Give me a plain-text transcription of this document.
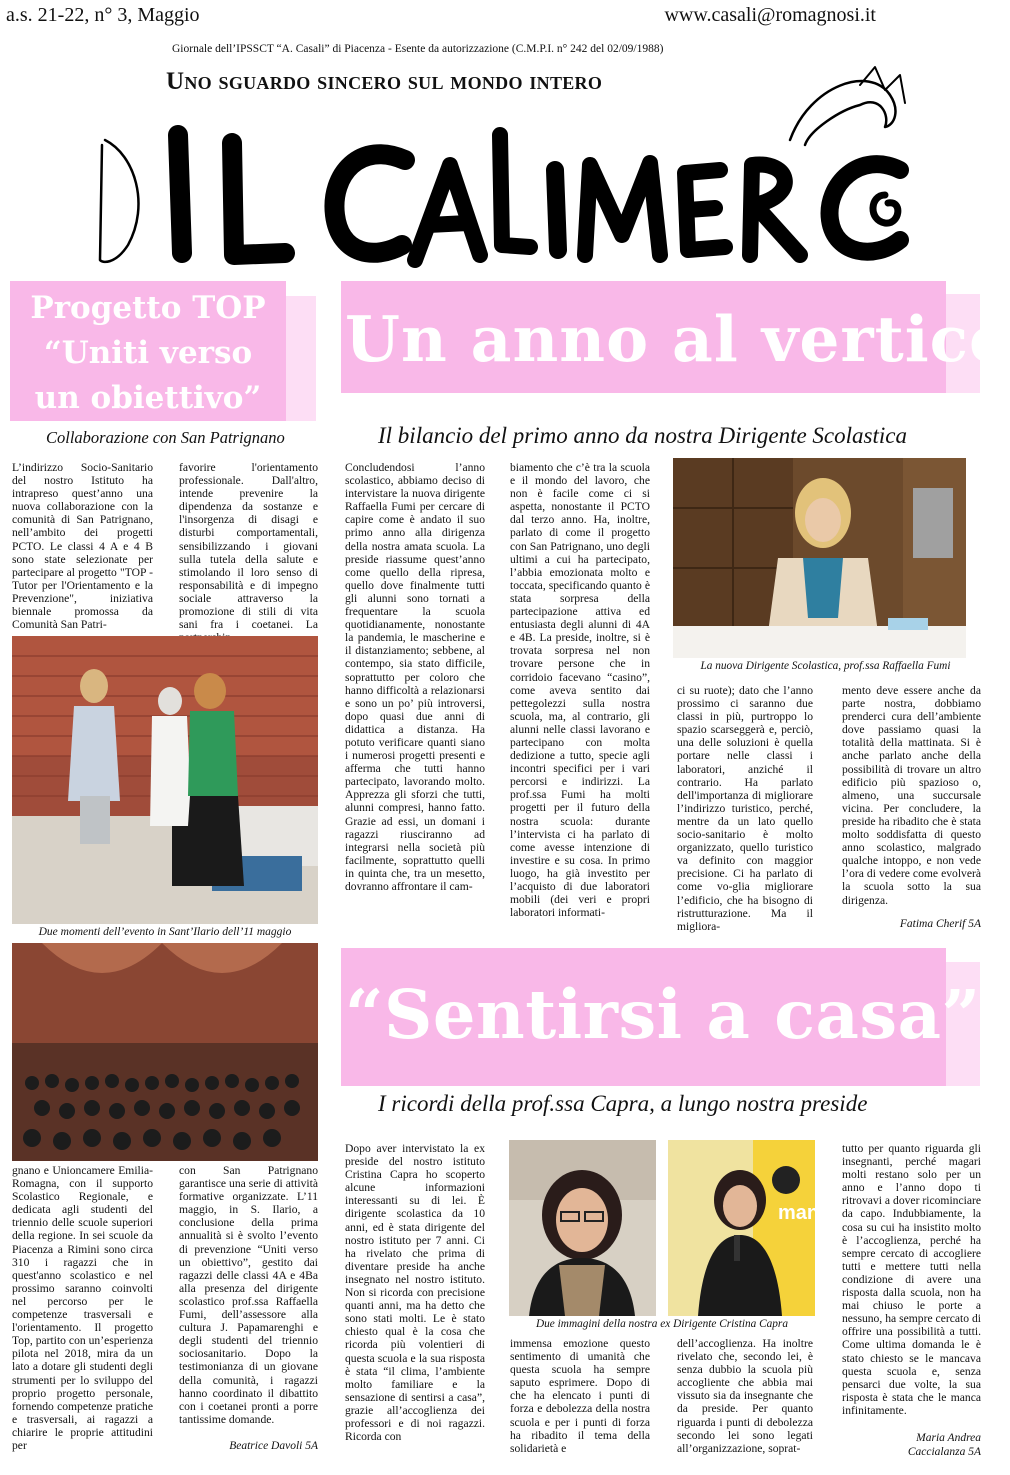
a.s. 21-22, n° 3, Maggio	www.casali@romagnosi.it
Giornale dell’IPSSCT “A. Casali” di Piacenza - Esente da autorizzazione (C.M.P.I. n° 242 del 02/09/1988)
Uno sguardo sincero sul mondo intero
Progetto TOP
“Uniti verso
un obiettivo”
Collaborazione con San Patrignano
L’indirizzo Socio-Sanitario del nostro Istituto ha intrapreso quest’anno una nuova collaborazione con la comunità di San Patrignano, nell’ambito dei progetti PCTO. Le classi 4 A e 4 B sono state selezionate per partecipare al progetto "TOP - Tutor per l'Orientamento e la Prevenzione", iniziativa biennale promossa da Comunità San Patri-
favorire l'orientamento professionale. Dall'altro, intende prevenire la dipendenza da sostanze e l'insorgenza di disagi e disturbi comportamentali, sensibilizzando i giovani sulla tutela della salute e stimolando il loro senso di responsabilità e di impegno sociale attraverso la promozione di stili di vita sani fra i coetanei. La
Due momenti dell’evento in Sant’Ilario dell’11 maggio
gnano e Unioncamere Emilia-Romagna, con il supporto Scolastico Regionale, e dedicata agli studenti del triennio delle scuole superiori della regione. In sei scuole da Piacenza a Rimini sono circa 310 i ragazzi che in quest'anno scolastico e nel prossimo saranno coinvolti nel percorso per le competenze trasversali e l'orientamento. Il progetto Top, partito con un’esperienza pilota nel 2018, mira da un lato a dotare gli studenti degli strumenti per lo sviluppo del proprio progetto personale, fornendo competenze pratiche e trasversali, ai ragazzi a chiarire le proprie attitudini per
con San Patrignano garantisce una serie di attività formative organizzate. L’11 maggio, in S. Ilario, a conclusione della prima annualità si è svolto l’evento di prevenzione “Uniti verso un obiettivo”, gestito dai ragazzi delle classi 4A e 4Ba alla presenza del dirigente scolastico prof.ssa Raffaella Fumi, dell’assessore alla cultura J. Papamarenghi e degli studenti del triennio sociosanitario. Dopo la testimonianza di un giovane della comunità, i ragazzi hanno coordinato il dibattito con i coetanei pronti a porre tantissime domande.
Beatrice Davoli 5A
Un anno al vertice
Il bilancio del primo anno da nostra Dirigente Scolastica
Concludendosi l’anno scolastico, abbiamo deciso di intervistare la nuova dirigente Raffaella Fumi per cercare di capire come è andato il suo primo anno alla dirigenza della nostra amata scuola. La preside riassume quest’anno come quello della ripresa, quello dove finalmente tutti gli alunni sono tornati a frequentare la scuola quotidianamente, nonostante la pandemia, le mascherine e il distanziamento; sebbene, al contempo, sia stato difficile, soprattutto per coloro che hanno difficoltà a relazionarsi e sono un po’ più introversi, dopo quasi due anni di didattica a distanza. Ha potuto verificare quanti siano i numerosi progetti presenti e afferma che tutti hanno partecipato, lavorando molto. Apprezza gli sforzi che tutti, alunni compresi, hanno fatto. Grazie ad essi, un domani i ragazzi riusciranno ad integrarsi nella società più facilmente, soprattutto quelli in quinta che, tra un mesetto, dovranno affrontare il cam-
biamento che c’è tra la scuola e il mondo del lavoro, che non è facile come ci si aspetta, nonostante il PCTO dal terzo anno. Ha, inoltre, parlato di come il progetto con San Patrignano, uno degli ultimi a cui ha partecipato, l’abbia emozionata molto e toccata, specificando quanto è stata sorpresa della partecipazione attiva ed entusiasta degli alunni di 4A e 4B. La preside, inoltre, si è trovata sorpresa nel non trovare persone che in corridoio facevano “casino”, come aveva sentito dai pettegolezzi sulla nostra scuola, ma, al contrario, gli alunni nelle classi lavorano e partecipano con molta dedizione a tutto, specie agli incontri specifici per i vari percorsi e indirizzi. La prof.ssa Fumi ha molti progetti per il futuro della nostra scuola: durante l’intervista ci ha parlato di come avesse intenzione di investire e su cosa. In primo luogo, ha già investito per l’acquisto di due laboratori mobili (dei veri e propri laboratori informati-
La nuova Dirigente Scolastica, prof.ssa Raffaella Fumi
ci su ruote); dato che l’anno prossimo ci saranno due classi in più, purtroppo lo spazio scarseggerà e, perciò, una delle soluzioni è quella portare nelle classi i laboratori, anziché il contrario. Ha parlato dell'importanza di migliorare l’indirizzo turistico, perché, mentre da un lato quello socio-sanitario è molto organizzato, quello turistico va definito con maggior precisione. Ci ha parlato di come vo-glia migliorare l’edificio, che ha bisogno di ristrutturazione. Ma il migliora-
mento deve essere anche da parte nostra, dobbiamo prenderci cura dell’ambiente dove passiamo quasi la totalità della mattinata. Si è anche parlato anche della possibilità di trovare un altro edificio più spazioso o, almeno, una succursale vicina. Per concludere, la preside ha ribadito che è stata molto soddisfatta di questo anno scolastico, malgrado qualche intoppo, e non vede l’ora di vedere come evolverà la scuola sotto la sua dirigenza.
Fatima Cherif 5A
“Sentirsi a casa”
I ricordi della prof.ssa Capra, a lungo nostra preside
Dopo aver intervistato la ex preside del nostro istituto Cristina Capra ho scoperto alcune informazioni interessanti su di lei. È dirigente scolastica da 10 anni, ed è stata dirigente del nostro istituto per 7 anni. Ci ha rivelato che prima di diventare preside ha anche insegnato nel nostro istituto. Non si ricorda con precisione quanti anni, ma ha detto che sono stati molti. Le è stato chiesto qual è la cosa che ricorda più volentieri di questa scuola e la sua risposta è stata “il clima, l’ambiente molto familiare e la sensazione di sentirsi a casa”, grazie all’accoglienza dei professori e di noi ragazzi. Ricorda con
manía
Due immagini della nostra ex Dirigente Cristina Capra
immensa emozione questo sentimento di umanità che questa scuola ha sempre saputo esprimere. Dopo di che ha elencato i punti di forza e debolezza della nostra scuola e per i punti di forza ha ribadito il tema della solidarietà e
dell’accoglienza. Ha inoltre rivelato che, secondo lei, è senza dubbio la scuola più accogliente che abbia mai vissuto sia da insegnante che da preside. Per quanto riguarda i punti di debolezza secondo lei sono legati all’organizzazione, soprat-
tutto per quanto riguarda gli insegnanti, perché magari molti restano solo per un anno e l’anno dopo ti ritrovavi a dover ricominciare da capo. Indubbiamente, la cosa su cui ha insistito molto è l’accoglienza, perché ha sempre cercato di accogliere tutti e mettere tutti nella condizione di avere una risposta dalla scuola, non ha mai chiuso le porte a nessuno, ha sempre cercato di offrire una possibilità a tutti. Come ultima domanda le è stato chiesto se le mancava questa scuola e, senza pensarci due volte, la sua risposta è stata che le manca infinitamente.
Maria Andrea
Caccialanza 5A
